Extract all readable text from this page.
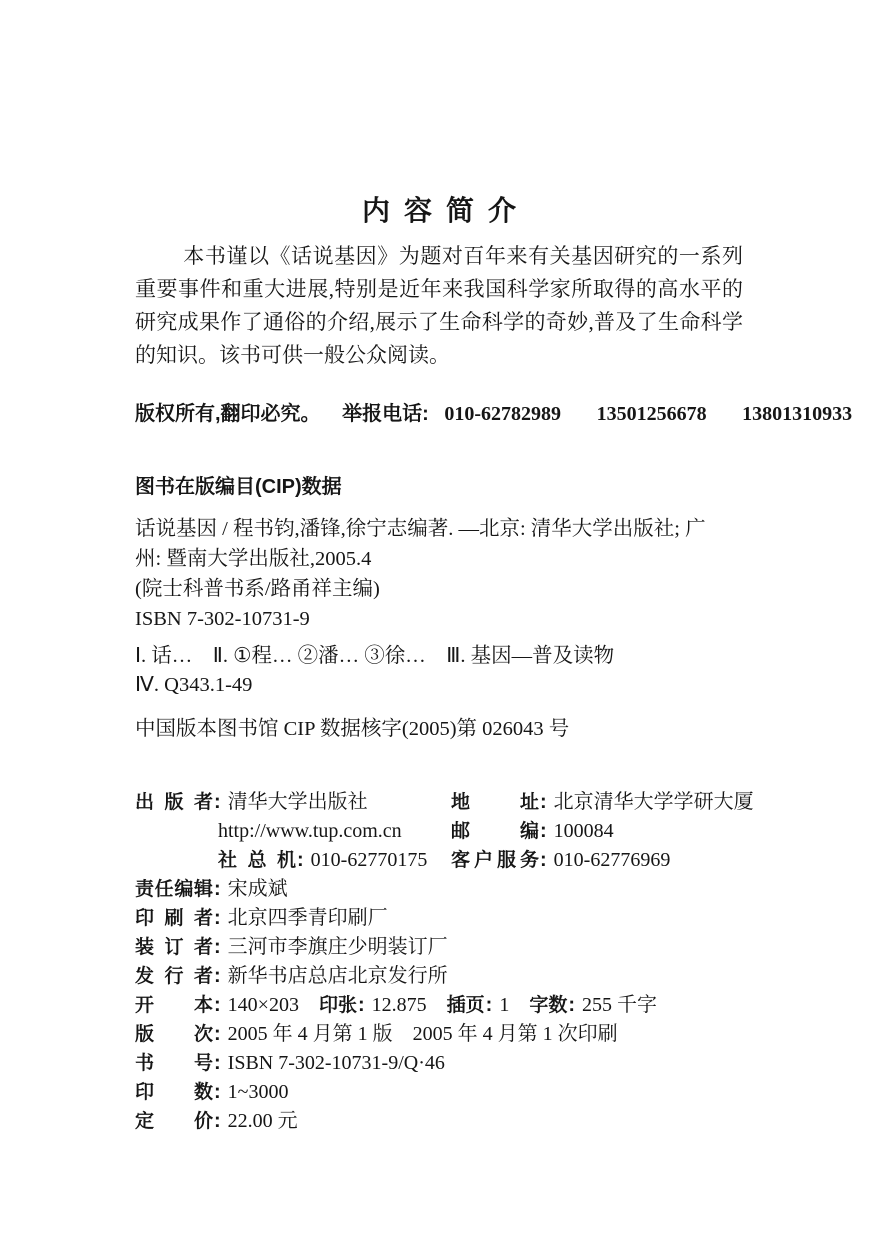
内容简介

本书谨以《话说基因》为题对百年来有关基因研究的一系列重要事件和重大进展,特别是近年来我国科学家所取得的高水平的研究成果作了通俗的介绍,展示了生命科学的奇妙,普及了生命科学的知识。该书可供一般公众阅读。

版权所有,翻印必究。 举报电话: 010-62782989 13501256678 13801310933
图书在版编目(CIP)数据
话说基因 / 程书钧,潘锋,徐宁志编著. —北京: 清华大学出版社; 广
州: 暨南大学出版社,2005.4
(院士科普书系/路甬祥主编)
ISBN 7-302-10731-9
Ⅰ. 话…　Ⅱ. ①程… ②潘… ③徐…　Ⅲ. 基因—普及读物
Ⅳ. Q343.1-49
中国版本图书馆 CIP 数据核字(2005)第 026043 号
出版者 : 清华大学出版社	地址 : 北京清华大学学研大厦
http://www.tup.com.cn	邮编 : 100084
社总机 : 010-62770175 客户服务 : 010-62776969
责任编辑 : 宋成斌
印刷者 : 北京四季青印刷厂
装订者 : 三河市李旗庄少明装订厂
发行者 : 新华书店总店北京发行所
开本 : 140×203 印张 : 12.875 插页 : 1 字数 : 255 千字
版次 : 2005 年 4 月第 1 版　2005 年 4 月第 1 次印刷
书号 : ISBN 7-302-10731-9/Q·46
印数 : 1~3000
定价 : 22.00 元
